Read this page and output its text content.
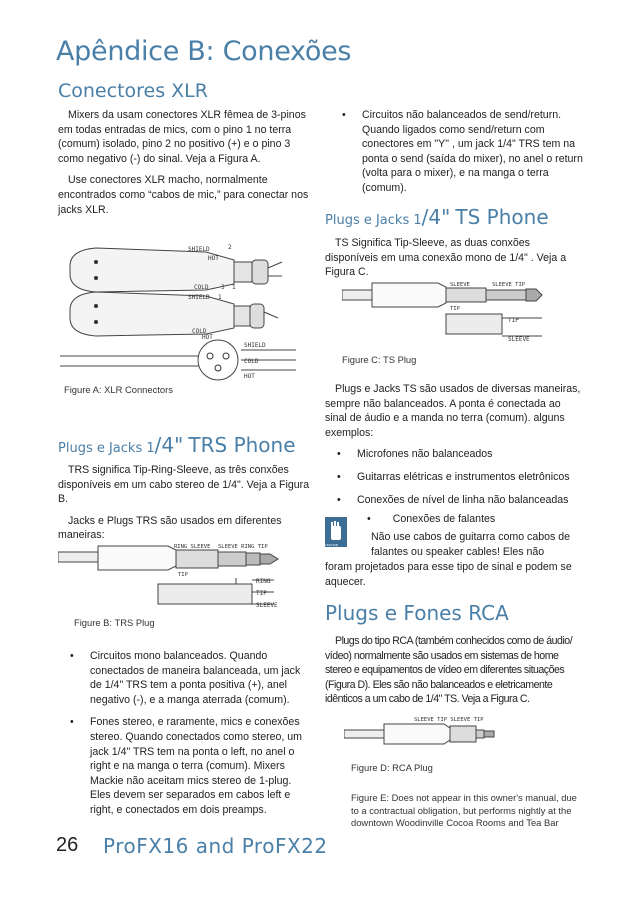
Apêndice B: Conexões
Conectores XLR

Mixers da usam conectores XLR fêmea de 3-pinos em todas entradas de mics, com o pino 1 no terra (comum) isolado, pino 2 no positivo (+) e o pino 3 como negativo (-) do sinal. Veja a Figura A.

Use conectores XLR macho, normalmente encontrados como “cabos de mic,” para conectar nos jacks XLR.

SHIELD	2
HOT
COLD 3 1
SHIELD 1
COLD
HOT
SHIELD
COLD
HOT
Figure A: XLR Connectors
Plugs e Jacks 1/4" TRS Phone

TRS significa Tip-Ring-Sleeve, as três conxões disponíveis em um cabo stereo de 1/4". Veja a Figura B.

Jacks e Plugs TRS são usados em diferentes maneiras:

RING SLEEVE SLEEVE RING TIP
TIP
RING
TIP
SLEEVE
Figure B: TRS Plug
• Circuitos mono balanceados. Quando conectados de maneira balanceada, um jack de 1/4" TRS tem a ponta positiva (+), anel negativo (-), e a manga aterrada (comum).
• Fones stereo, e raramente, mics e conexões stereo. Quando conectados como stereo, um jack 1/4" TRS tem na ponta o left, no anel o right e na manga o terra (comum). Mixers Mackie não aceitam mics stereo de 1-plug. Eles devem ser separados em cabos left e right, e conectados em dois preamps.
• Circuitos não balanceados de send/return. Quando ligados como send/return com conectores em "Y" , um jack 1/4" TRS tem na ponta o send (saída do mixer), no anel o return (volta para o mixer), e na manga o terra (comum).
Plugs e Jacks 1/4" TS Phone

TS Significa Tip-Sleeve, as duas conxões disponíveis em uma conexão mono de 1/4" . Veja a Figura C.

SLEEVE	SLEEVE TIP
TIP
TIP
SLEEVE
Figure C: TS Plug

Plugs e Jacks TS são usados de diversas maneiras, sempre não balanceados. A ponta é conectada ao sinal de áudio e a manda no terra (comum). alguns exemplos:

• Microfones não balanceados
• Guitarras elétricas e instrumentos eletrônicos
• Conexões de nível de linha não balanceadas
CAUTION
• Conexões de falantes
Não use cabos de guitarra como cabos de falantes ou speaker cables! Eles não
foram projetados para esse tipo de sinal e podem se aquecer.
Plugs e Fones RCA

Plugs do tipo RCA (também conhecidos como de áudio/ vídeo) normalmente são usados em sistemas de home stereo e equipamentos de vídeo em diferentes situações (Figura D). Eles são não balanceados e eletricamente idênticos a um cabo de 1/4" TS. Veja a Figura C.

SLEEVE TIP SLEEVE TIP
Figure D: RCA Plug
Figure E: Does not appear in this owner's manual, due to a contractual obligation, but performs nightly at the downtown Woodinville Cocoa Rooms and Tea Bar
26 ProFX16 and ProFX22
